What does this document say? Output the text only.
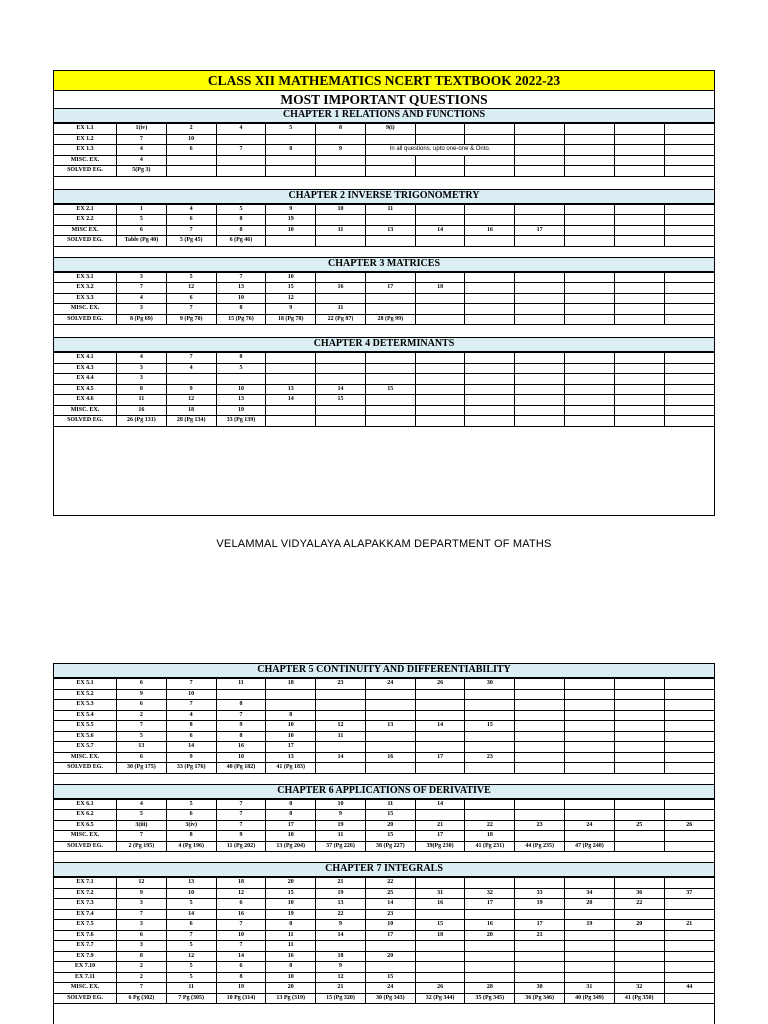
CLASS XII MATHEMATICS NCERT TEXTBOOK 2022-23
MOST IMPORTANT QUESTIONS
CHAPTER 1 RELATIONS AND FUNCTIONS
EX 1.1	1(iv)	2	4	5	8	9(i)						
EX 1.2	7	10										
EX 1.3	4	6	7	8	9	In all questions, upto one-one & Onto.						
MISC. EX.	4											
SOLVED EG.	5(Pg 3)											
CHAPTER 2 INVERSE TRIGONOMETRY
EX 2.1	1	4	5	9	10	11						
EX 2.2	5	6	8	19								
MISC EX.	6	7	8	10	11	13	14	16	17			
SOLVED EG.	Table (Pg 40)	5 (Pg 45)	6 (Pg 46)									
CHAPTER 3 MATRICES
EX 3.1	3	5	7	10								
EX 3.2	7	12	13	15	16	17	18					
EX 3.3	4	6	10	12								
MISC. EX.	3	7	8	9	11							
SOLVED EG.	8 (Pg 69)	9 (Pg 70)	15 (Pg 76)	18 (Pg 78)	22 (Pg 87)	28 (Pg 99)						
CHAPTER 4 DETERMINANTS
EX 4.1	4	7	8									
EX 4.3	3	4	5									
EX 4.4	3											
EX 4.5	8	9	10	13	14	15						
EX 4.6	11	12	13	14	15							
MISC. EX.	16	18	19									
SOLVED EG.	26 (Pg 131)	28 (Pg 134)	33 (Pg 139)									
VELAMMAL VIDYALAYA ALAPAKKAM DEPARTMENT OF MATHS
CHAPTER 5 CONTINUITY AND DIFFERENTIABILITY
EX 5.1	6	7	11	18	23	24	26	30				
EX 5.2	9	10										
EX 5.3	6	7	8									
EX 5.4	2	4	7	8								
EX 5.5	7	8	9	10	12	13	14	15				
EX 5.6	5	6	8	10	11							
EX 5.7	13	14	16	17								
MISC. EX.	6	9	10	13	14	16	17	23				
SOLVED EG.	30 (Pg 175)	33 (Pg 176)	40 (Pg 182)	41 (Pg 183)								
CHAPTER 6 APPLICATIONS OF DERIVATIVE
EX 6.1	4	5	7	8	10	11	14					
EX 6.2	5	6	7	8	9	15						
EX 6.5	3(iii)	3(iv)	7	17	19	20	21	22	23	24	25	26
MISC. EX.	7	8	9	10	11	15	17	18				
SOLVED EG.	2 (Pg 195)	4 (Pg 196)	11 (Pg 202)	13 (Pg 204)	37 (Pg 226)	38 (Pg 227)	39(Pg 230)	41 (Pg 231)	44 (Pg 235)	47 (Pg 248)		
CHAPTER 7 INTEGRALS
EX 7.1	12	13	18	20	21	22						
EX 7.2	9	10	12	15	19	25	31	32	33	34	36	37
EX 7.3	3	5	6	10	13	14	16	17	19	20	22	
EX 7.4	7	14	16	19	22	23						
EX 7.5	3	6	7	8	9	10	15	16	17	19	20	21
EX 7.6	6	7	10	11	14	17	18	20	21			
EX 7.7	3	5	7	11								
EX 7.9	8	12	14	16	18	20						
EX 7.10	2	5	6	8	9							
EX 7.11	2	5	8	10	12	15						
MISC. EX.	7	11	19	20	21	24	26	28	30	31	32	44
SOLVED EG.	6 Pg (302)	7 Pg (305)	10 Pg (314)	13 Pg (319)	15 (Pg 320)	30 (Pg 343)	32 (Pg 344)	35 (Pg 345)	36 (Pg 346)	40 (Pg 349)	41 (Pg 350)	
